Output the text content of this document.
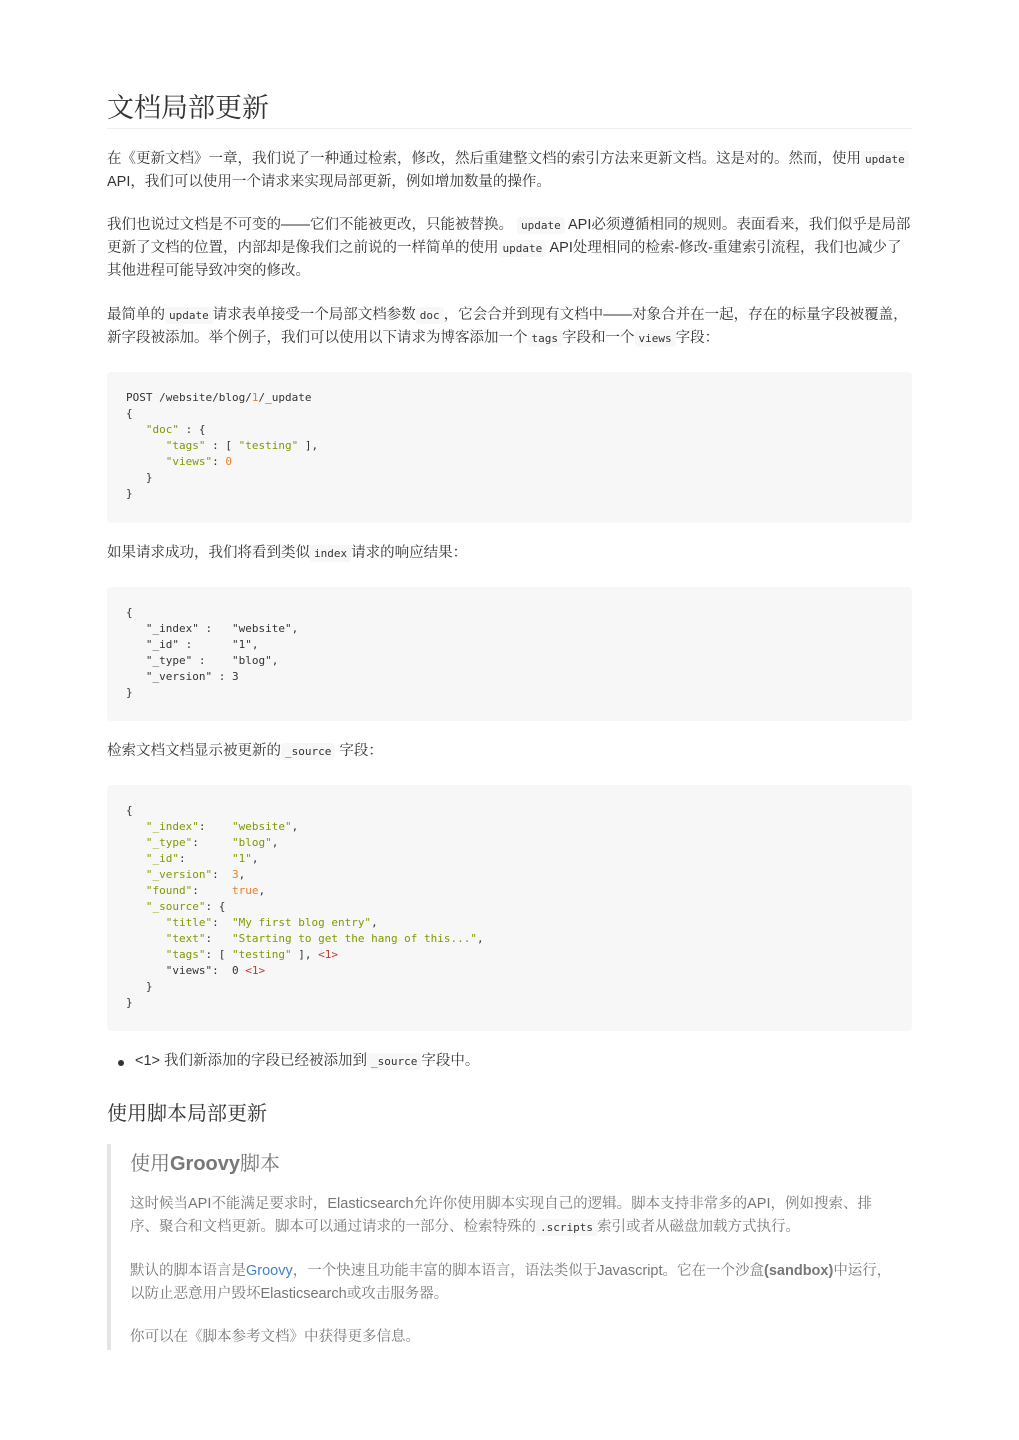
文档局部更新

在《更新文档》一章，我们说了一种通过检索，修改，然后重建整文档的索引方法来更新文档。这是对的。然而，使用 update API，我们可以使用一个请求来实现局部更新，例如增加数量的操作。

我们也说过文档是不可变的——它们不能被更改，只能被替换。 update API必须遵循相同的规则。表面看来，我们似乎是局部更新了文档的位置，内部却是像我们之前说的一样简单的使用 update API处理相同的检索-修改-重建索引流程，我们也减少了其他进程可能导致冲突的修改。

最简单的 update 请求表单接受一个局部文档参数 doc ，它会合并到现有文档中——对象合并在一起，存在的标量字段被覆盖，新字段被添加。举个例子，我们可以使用以下请求为博客添加一个 tags 字段和一个 views 字段：

POST /website/blog/1/_update
{
"doc" : {
"tags" : [ "testing" ],
"views": 0
}
}

如果请求成功，我们将看到类似 index 请求的响应结果：

{
"_index" :   "website",
"_id" :      "1",
"_type" :    "blog",
"_version" : 3
}

检索文档文档显示被更新的 _source 字段：

{
"_index":    "website",
"_type":     "blog",
"_id":       "1",
"_version":  3,
"found":     true,
"_source": {
"title":  "My first blog entry",
"text":   "Starting to get the hang of this...",
"tags": [ "testing" ], <1>
"views":  0 <1>
}
}
<1> 我们新添加的字段已经被添加到 _source 字段中。
使用脚本局部更新
使用Groovy脚本

这时候当API不能满足要求时，Elasticsearch允许你使用脚本实现自己的逻辑。脚本支持非常多的API，例如搜索、排序、聚合和文档更新。脚本可以通过请求的一部分、检索特殊的 .scripts 索引或者从磁盘加载方式执行。

默认的脚本语言是Groovy，一个快速且功能丰富的脚本语言，语法类似于Javascript。它在一个沙盒(sandbox)中运行，以防止恶意用户毁坏Elasticsearch或攻击服务器。

你可以在《脚本参考文档》中获得更多信息。
